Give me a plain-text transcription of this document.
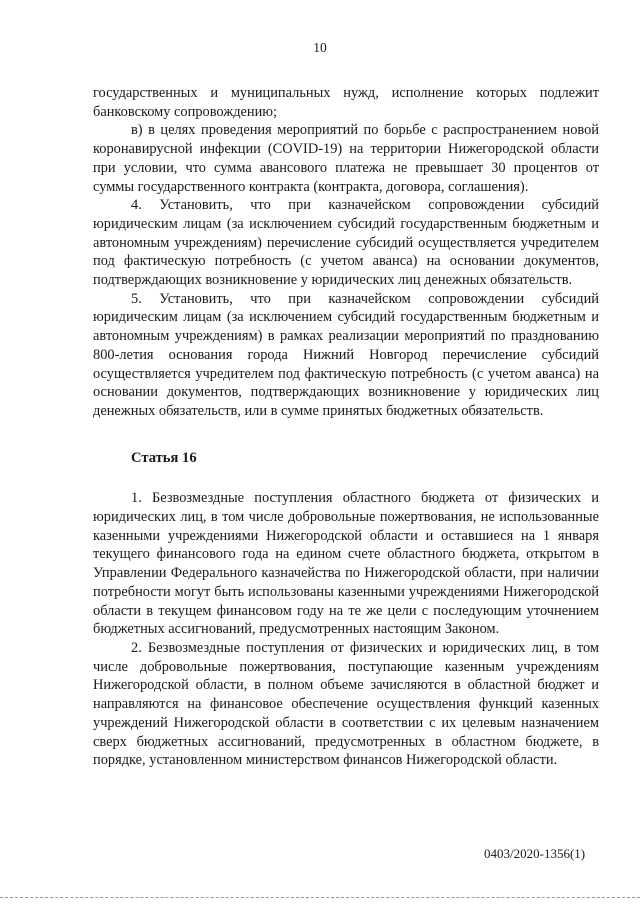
10

государственных и муниципальных нужд, исполнение которых подлежит банковскому сопровождению;

в) в целях проведения мероприятий по борьбе с распространением новой коронавирусной инфекции (COVID-19) на территории Нижегородской области при условии, что сумма авансового платежа не превышает 30 процентов от суммы государственного контракта (контракта, договора, соглашения).

4. Установить, что при казначейском сопровождении субсидий юридическим лицам (за исключением субсидий государственным бюджетным и автономным учреждениям) перечисление субсидий осуществляется учредителем под фактическую потребность (с учетом аванса) на основании документов, подтверждающих возникновение у юридических лиц денежных обязательств.

5. Установить, что при казначейском сопровождении субсидий юридическим лицам (за исключением субсидий государственным бюджетным и автономным учреждениям) в рамках реализации мероприятий по празднованию 800-летия основания города Нижний Новгород перечисление субсидий осуществляется учредителем под фактическую потребность (с учетом аванса) на основании документов, подтверждающих возникновение у юридических лиц денежных обязательств, или в сумме принятых бюджетных обязательств.

Статья 16

1. Безвозмездные поступления областного бюджета от физических и юридических лиц, в том числе добровольные пожертвования, не использованные казенными учреждениями Нижегородской области и оставшиеся на 1 января текущего финансового года на едином счете областного бюджета, открытом в Управлении Федерального казначейства по Нижегородской области, при наличии потребности могут быть использованы казенными учреждениями Нижегородской области в текущем финансовом году на те же цели с последующим уточнением бюджетных ассигнований, предусмотренных настоящим Законом.

2. Безвозмездные поступления от физических и юридических лиц, в том числе добровольные пожертвования, поступающие казенным учреждениям Нижегородской области, в полном объеме зачисляются в областной бюджет и направляются на финансовое обеспечение осуществления функций казенных учреждений Нижегородской области в соответствии с их целевым назначением сверх бюджетных ассигнований, предусмотренных в областном бюджете, в порядке, установленном министерством финансов Нижегородской области.

0403/2020-1356(1)
